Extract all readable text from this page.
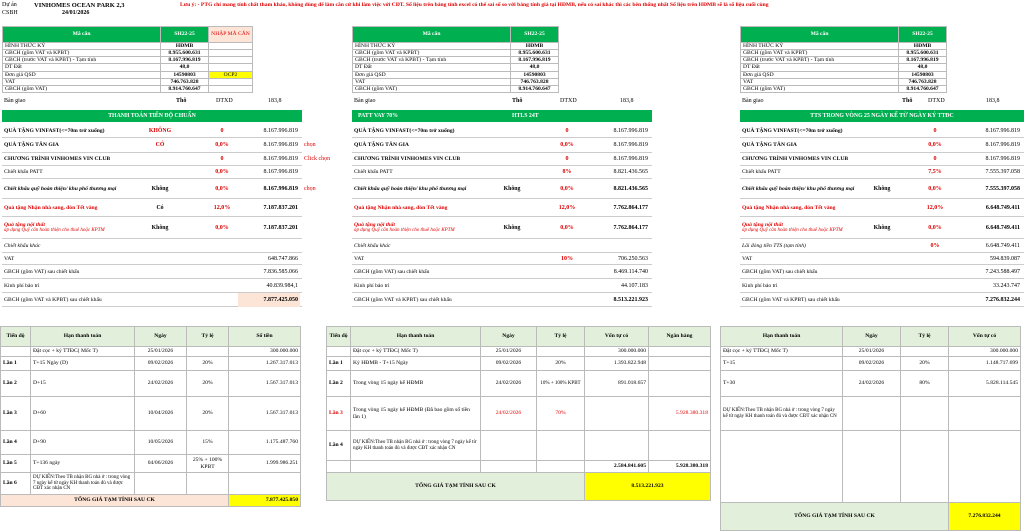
Dự án
CSBH
VINHOMES OCEAN PARK 2,3
24/01/2026
Lưu ý: - PTG chỉ mang tính chất tham khảo, không dùng để làm căn cứ khi làm việc với CĐT. Số liệu trên bảng tính excel có thể sai số so với bảng tính giá tại HĐMB, nếu có sai khác thì các bên thống nhất Số liệu trên HĐMB sẽ là số liệu cuối cùng
Mã căn	SH22-25	NHẬP MÃ CĂN
HÌNH THỨC KÝ	HĐMB	
GBCH (gồm VAT và KPBT)	8.955.600.631	
GBCH (trước VAT và KPBT) - Tạm tính	8.167.996.819	
DT Đất	48,0	
Đơn giá QSD	14590803	OCP2
VAT	746.763.828	
GBCH (gồm VAT)	8.914.760.647	
Bàn giao	Thô	DTXD	183,8
Mã căn	SH22-25
HÌNH THỨC KÝ	HĐMB
GBCH (gồm VAT và KPBT)	8.955.600.631
GBCH (trước VAT và KPBT) - Tạm tính	8.167.996.819
DT Đất	48,0
Đơn giá QSD	14590803
VAT	746.763.828
GBCH (gồm VAT)	8.914.760.647
Bàn giao	Thô	DTXD	183,8
Mã căn	SH22-25
HÌNH THỨC KÝ	HĐMB
GBCH (gồm VAT và KPBT)	8.955.600.631
GBCH (trước VAT và KPBT) - Tạm tính	8.167.996.819
DT Đất	48,0
Đơn giá QSD	14590803
VAT	746.763.828
GBCH (gồm VAT)	8.914.760.647
Bàn giao	Thô	DTXD	183,8
THANH TOÁN TIẾN ĐỘ CHUẨN
QUÀ TẶNG VINFAST(<=70m trở xuống)	KHÔNG	0	8.167.996.819
QUÀ TẶNG TÂN GIA	CÓ	0,0%	8.167.996.819	chọn
CHƯƠNG TRÌNH VINHOMES VIN CLUB	0	8.167.996.819	Click chọn
Chiết khấu PATT	0,0%	8.167.996.819
Chiết khấu quỹ hoàn thiện/ khu phố thương mại	Không	0,0%	8.167.996.819	chọn
Quà tặng Nhận nhà sang, đón Tết vàng	Có	12,0%	7.187.837.201
Quà tặng nội thất
áp dụng Quỹ căn hoàn thiện cho thuê hoặc KPTM	Không	0,0%	7.187.837.201
Chiết khấu khác
VAT	648.747.866
GBCH (gồm VAT) sau chiết khấu	7.836.585.066
Kinh phí bảo trì	40.839.984,1
GBCH (gồm VAT và KPBT) sau chiết khấu	7.877.425.050
PATT VAY 70%	HTLS 24T
QUÀ TẶNG VINFAST(<=70m trở xuống)	0	8.167.996.819
QUÀ TẶNG TÂN GIA	0,0%	8.167.996.819
CHƯƠNG TRÌNH VINHOMES VIN CLUB	0	8.167.996.819
Chiết khấu PATT	8%	8.821.436.565
Chiết khấu quỹ hoàn thiện/ khu phố thương mại	Không	0,0%	8.821.436.565
Quà tặng Nhận nhà sang, đón Tết vàng	12,0%	7.762.864.177
Quà tặng nội thất
áp dụng Quỹ căn hoàn thiện cho thuê hoặc KPTM	Không	0,0%	7.762.864.177
Chiết khấu khác
VAT	10%	706.250.563
GBCH (gồm VAT) sau chiết khấu	8.469.114.740
Kinh phí bảo trì	44.107.183
GBCH (gồm VAT và KPBT) sau chiết khấu	8.513.221.923
TTS TRONG VÒNG 25 NGÀY KỂ TỪ NGÀY KÝ TTĐC
QUÀ TẶNG VINFAST(<=70m trở xuống)	0	8.167.996.819
QUÀ TẶNG TÂN GIA	0,0%	8.167.996.819
CHƯƠNG TRÌNH VINHOMES VIN CLUB	0	8.167.996.819
Chiết khấu PATT	7,5%	7.555.397.058
Chiết khấu quỹ hoàn thiện/ khu phố thương mại	Không	0,0%	7.555.397.058
Quà tặng Nhận nhà sang, đón Tết vàng	12,0%	6.648.749.411
Quà tặng nội thất
áp dụng Quỹ căn hoàn thiện cho thuê hoặc KPTM	Không	0,0%	6.648.749.411
Lãi đóng tiền TTS (tạm tính)	0%	6.648.749.411
VAT	594.839.087
GBCH (gồm VAT) sau chiết khấu	7.243.588.497
Kinh phí bảo trì	33.243.747
GBCH (gồm VAT và KPBT) sau chiết khấu	7.276.832.244
Tiến độ	Hạn thanh toán	Ngày	Tỷ lệ	Số tiền
	Đặt cọc + ký TTĐC( Mốc T)	25/01/2026		300.000.000
Lần 1	T+15 Ngày (D)	09/02/2026	20%	1.267.317.013
Lần 2	D+15	24/02/2026	20%	1.567.317.013
Lần 3	D+60	10/04/2026	20%	1.567.317.013
Lần 4	D+90	10/05/2026	15%	1.175.487.760
Lần 5	T+136 ngày	04/06/2026	25% + 100% KPBT	1.999.986.251
Lần 6	DỰ KIẾN:Theo TB nhận BG nhà ở : trong vòng 7 ngày kể từ ngày KH thanh toán đủ và được CĐT xác nhận CN			
TỔNG GIÁ TẠM TÍNH SAU CK				7.877.425.050
Tiến độ	Hạn thanh toán	Ngày	Tỷ lệ	Vốn tự có	Ngân hàng
	Đặt cọc + ký TTĐC( Mốc T)	25/01/2026		300.000.000	
Lần 1	Ký HĐMB - T+15 Ngày	09/02/2026	20%	1.393.822.948	
Lần 2	Trong vòng 15 ngày kể HĐMB	24/02/2026	10% + 100% KPBT	891.018.657	
Lần 3	Trong vòng 15 ngày kể HĐMB (Đã bao gồm số tiền lần 1)	24/02/2026	70%		5.928.380.318
Lần 4	DỰ KIẾN:Theo TB nhận BG nhà ở : trong vòng 7 ngày kể từ ngày KH thanh toán đủ và được CĐT xác nhận CN				
				2.584.841.605	5.928.380.318
TỔNG GIÁ TẠM TÍNH SAU CK				8.513.221.923	
Hạn thanh toán	Ngày	Tỷ lệ	Vốn tự có
Đặt cọc + ký TTĐC( Mốc T)	25/01/2026		300.000.000
T+15	09/02/2026	20%	1.148.717.699
T+30	24/02/2026	80%	5.828.114.545
DỰ KIẾN:Theo TB nhận BG nhà ở : trong vòng 7 ngày kể từ ngày KH thanh toán đủ và được CĐT xác nhận CN			

TỔNG GIÁ TẠM TÍNH SAU CK			7.276.832.244
